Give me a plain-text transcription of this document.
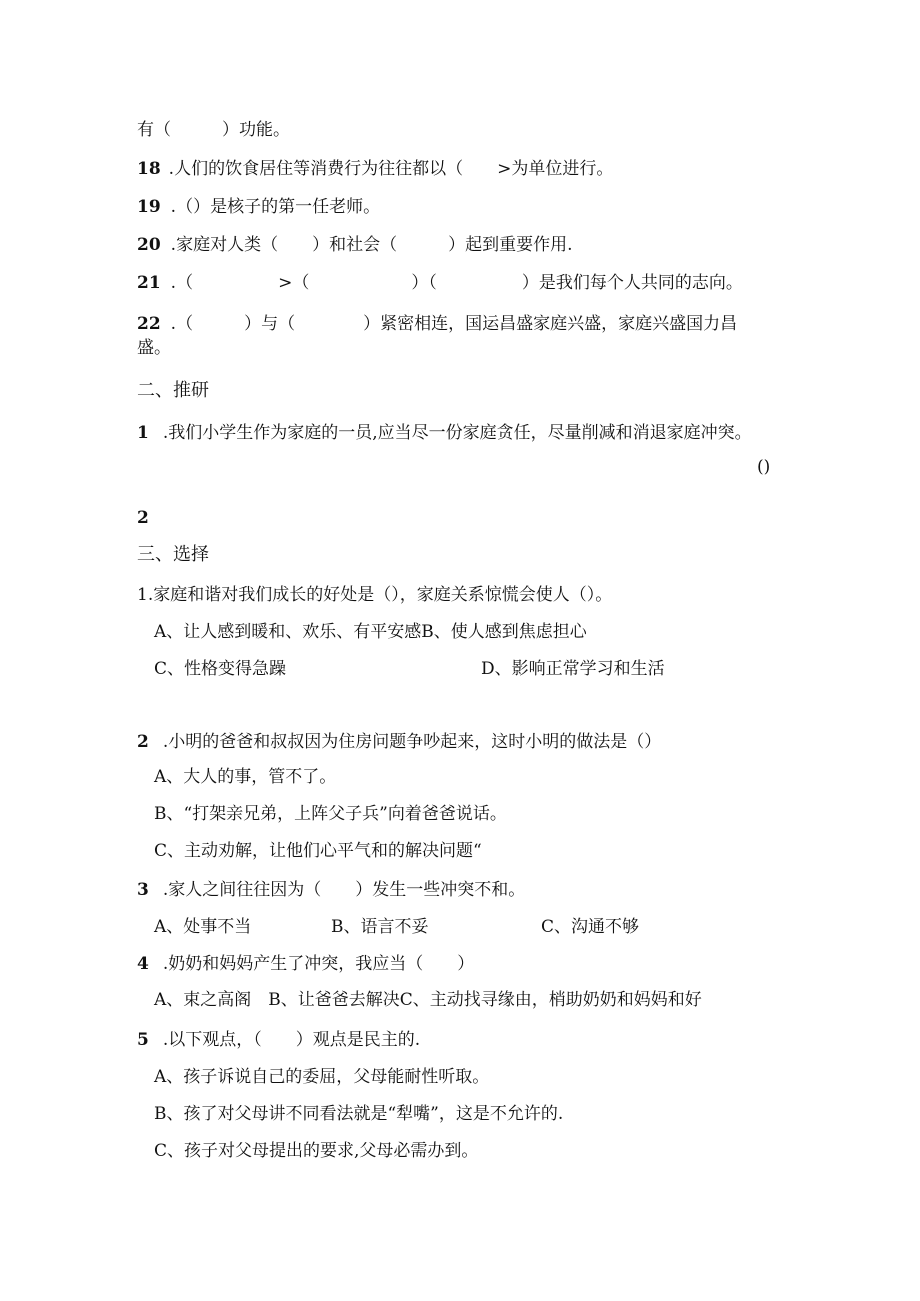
有（　　　）功能。
18 .人们的饮食居住等消费行为往往都以（　　>为单位进行。
19 .（）是核子的第一任老师。
20 .家庭对人类（　　）和社会（　　　）起到重要作用.
21 .（　　　　　>（　　　　　　）（　　　　　）是我们每个人共同的志向。
22 .（　　　）与（　　　　）紧密相连，国运昌盛家庭兴盛，家庭兴盛国力昌
盛。
二、推研
1 .我们小学生作为家庭的一员,应当尽一份家庭贪任，尽量削减和消退家庭冲突。
()
2
三、选择
1.家庭和谐对我们成长的好处是（），家庭关系惊慌会使人（）。
A、让人感到暖和、欢乐、有平安感B、使人感到焦虑担心
C、性格变得急躁	D、影响正常学习和生活
2 .小明的爸爸和叔叔因为住房问题争吵起来，这时小明的做法是（）
A、大人的事，管不了。
B、“打架亲兄弟，上阵父子兵”向着爸爸说话。
C、主动劝解，让他们心平气和的解决问题“
3 .家人之间往往因为（　　）发生一些冲突不和。
A、处事不当	B、语言不妥	C、沟通不够
4 .奶奶和妈妈产生了冲突，我应当（　　）
A、束之高阁　B、让爸爸去解决C、主动找寻缘由，梢助奶奶和妈妈和好
5 .以下观点，（　　）观点是民主的.
A、孩子诉说自己的委屈，父母能耐性听取。
B、孩了对父母讲不同看法就是“犁嘴”，这是不允许的.
C、孩子对父母提出的要求,父母必需办到。
